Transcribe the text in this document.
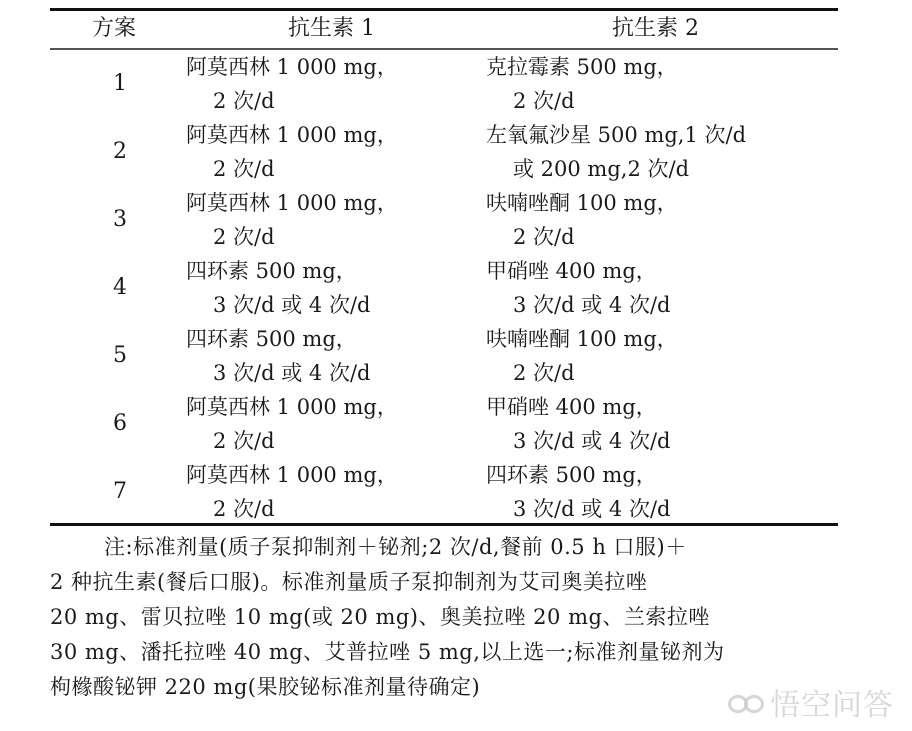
方案	抗生素 1	抗生素 2
1
阿莫西林 1 000 mg，
2 次/d
克拉霉素 500 mg，
2 次/d
2
阿莫西林 1 000 mg，
2 次/d
左氧氟沙星 500 mg,1 次/d
或 200 mg,2 次/d
3
阿莫西林 1 000 mg，
2 次/d
呋喃唑酮 100 mg，
2 次/d
4
四环素 500 mg，
3 次/d 或 4 次/d
甲硝唑 400 mg，
3 次/d 或 4 次/d
5
四环素 500 mg，
3 次/d 或 4 次/d
呋喃唑酮 100 mg，
2 次/d
6
阿莫西林 1 000 mg，
2 次/d
甲硝唑 400 mg，
3 次/d 或 4 次/d
7
阿莫西林 1 000 mg，
2 次/d
四环素 500 mg，
3 次/d 或 4 次/d
注:标准剂量(质子泵抑制剂＋铋剂;2 次/d,餐前 0.5 h 口服)＋
2 种抗生素(餐后口服)。标准剂量质子泵抑制剂为艾司奥美拉唑
20 mg、雷贝拉唑 10 mg(或 20 mg)、奥美拉唑 20 mg、兰索拉唑
30 mg、潘托拉唑 40 mg、艾普拉唑 5 mg,以上选一;标准剂量铋剂为
枸橼酸铋钾 220 mg(果胶铋标准剂量待确定)
悟空问答
